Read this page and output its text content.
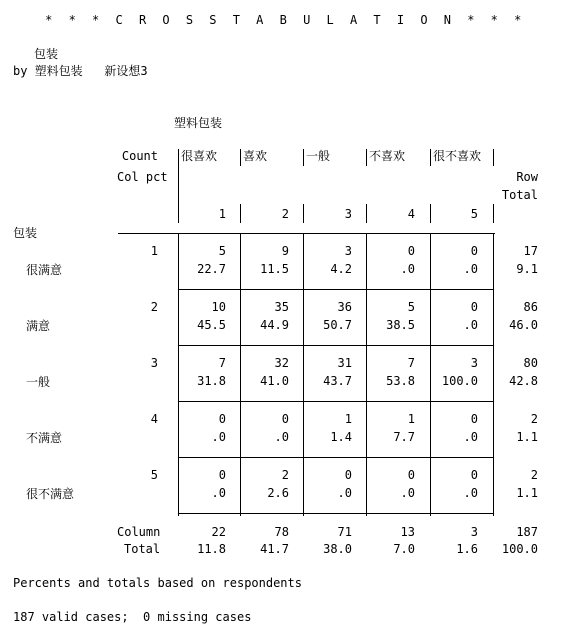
* * * C R O S S T A B U L A T I O N * * *
包装
by 塑料包装   新设想3
塑料包装
Count
Col pct	Row
Total
包装
很喜欢
1
喜欢
2
一般
3
不喜欢
4
很不喜欢
5
1
很满意
5
22.7
9
11.5
3
4.2
0
.0
0
.0
17
9.1
2
满意
10
45.5
35
44.9
36
50.7
5
38.5
0
.0
86
46.0
3
一般
7
31.8
32
41.0
31
43.7
7
53.8
3
100.0
80
42.8
4
不满意
0
.0
0
.0
1
1.4
1
7.7
0
.0
2
1.1
5
很不满意
0
.0
2
2.6
0
.0
0
.0
0
.0
2
1.1
22
11.8
78
41.7
71
38.0
13
7.0
3
1.6
187
100.0
Column
Total
Percents and totals based on respondents
187 valid cases;  0 missing cases
